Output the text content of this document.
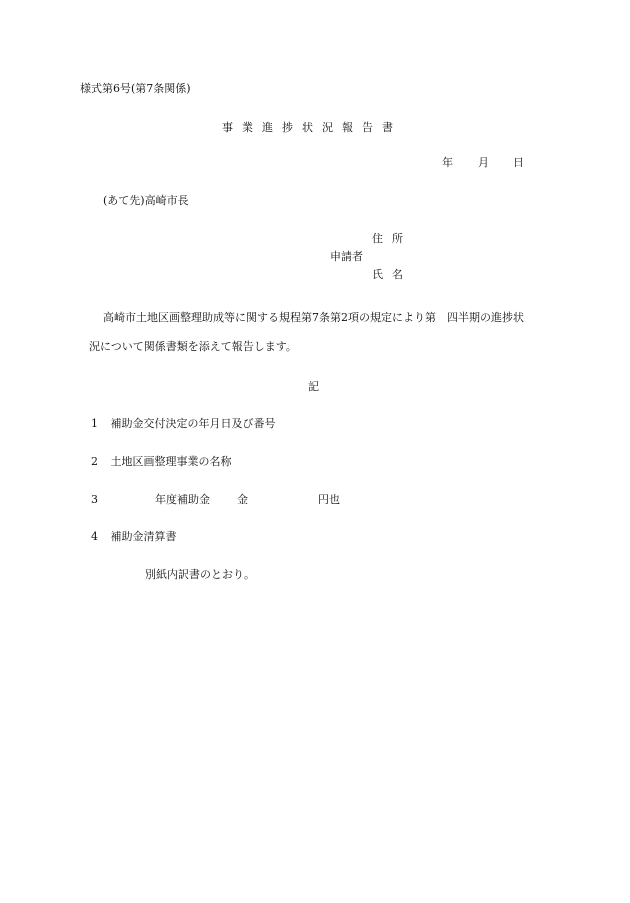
様式第6号(第7条関係)
事業進捗状況報告書
年 月 日
(あて先)高崎市長
住所
申請者
氏名
高崎市土地区画整理助成等に関する規程第7条第2項の規定により第　四半期の進捗状
況について関係書類を添えて報告します。
記
1 補助金交付決定の年月日及び番号
2 土地区画整理事業の名称
3	年度補助金 金	円也
4 補助金清算書
別紙内訳書のとおり。
